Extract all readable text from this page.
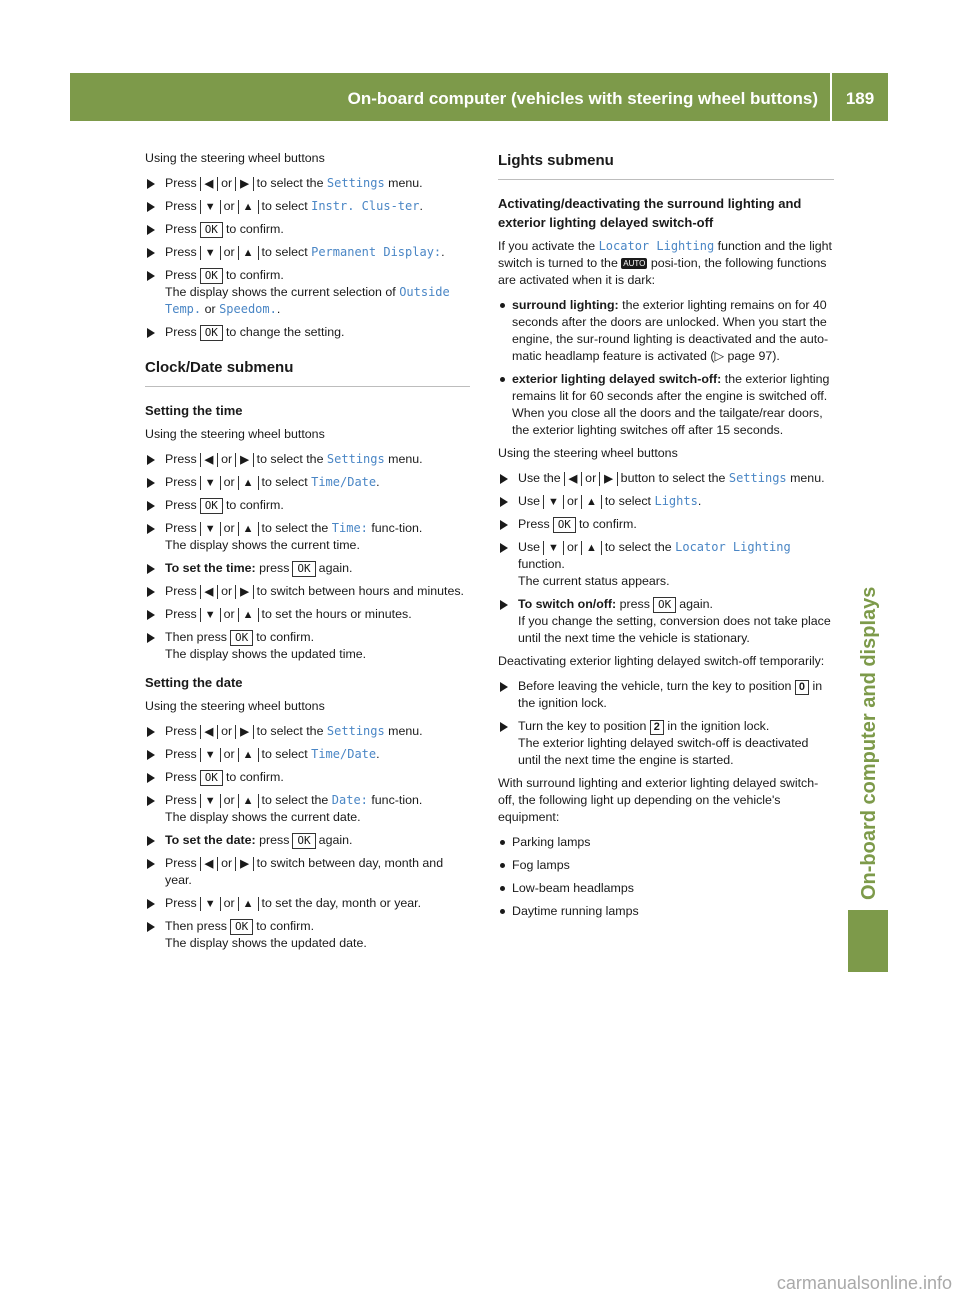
On-board computer (vehicles with steering wheel buttons)	189
On-board computer and displays

Using the steering wheel buttons

Press ◀ or ▶ to select the Settings menu.
Press ▼ or ▲ to select Instr. Clus-ter.
Press OK to confirm.
Press ▼ or ▲ to select Permanent Display:.
Press OK to confirm.
The display shows the current selection of Outside Temp. or Speedom..
Press OK to change the setting.
Clock/Date submenu
Setting the time

Using the steering wheel buttons

Press ◀ or ▶ to select the Settings menu.
Press ▼ or ▲ to select Time/Date.
Press OK to confirm.
Press ▼ or ▲ to select the Time: func-tion.
The display shows the current time.
To set the time: press OK again.
Press ◀ or ▶ to switch between hours and minutes.
Press ▼ or ▲ to set the hours or minutes.
Then press OK to confirm.
The display shows the updated time.
Setting the date

Using the steering wheel buttons

Press ◀ or ▶ to select the Settings menu.
Press ▼ or ▲ to select Time/Date.
Press OK to confirm.
Press ▼ or ▲ to select the Date: func-tion.
The display shows the current date.
To set the date: press OK again.
Press ◀ or ▶ to switch between day, month and year.
Press ▼ or ▲ to set the day, month or year.
Then press OK to confirm.
The display shows the updated date.
Lights submenu
Activating/deactivating the surround lighting and exterior lighting delayed switch-off

If you activate the Locator Lighting function and the light switch is turned to the AUTO posi-tion, the following functions are activated when it is dark:

surround lighting: the exterior lighting remains on for 40 seconds after the doors are unlocked. When you start the engine, the sur-round lighting is deactivated and the auto-matic headlamp feature is activated (▷ page 97).
exterior lighting delayed switch-off: the exterior lighting remains lit for 60 seconds after the engine is switched off. When you close all the doors and the tailgate/rear doors, the exterior lighting switches off after 15 seconds.

Using the steering wheel buttons

Use the ◀ or ▶ button to select the Settings menu.
Use ▼ or ▲ to select Lights.
Press OK to confirm.
Use ▼ or ▲ to select the Locator Lighting function.
The current status appears.
To switch on/off: press OK again.
If you change the setting, conversion does not take place until the next time the vehicle is stationary.

Deactivating exterior lighting delayed switch-off temporarily:

Before leaving the vehicle, turn the key to position 0 in the ignition lock.
Turn the key to position 2 in the ignition lock.
The exterior lighting delayed switch-off is deactivated until the next time the engine is started.

With surround lighting and exterior lighting delayed switch-off, the following light up depending on the vehicle's equipment:

Parking lamps
Fog lamps
Low-beam headlamps
Daytime running lamps
carmanualsonline.info
